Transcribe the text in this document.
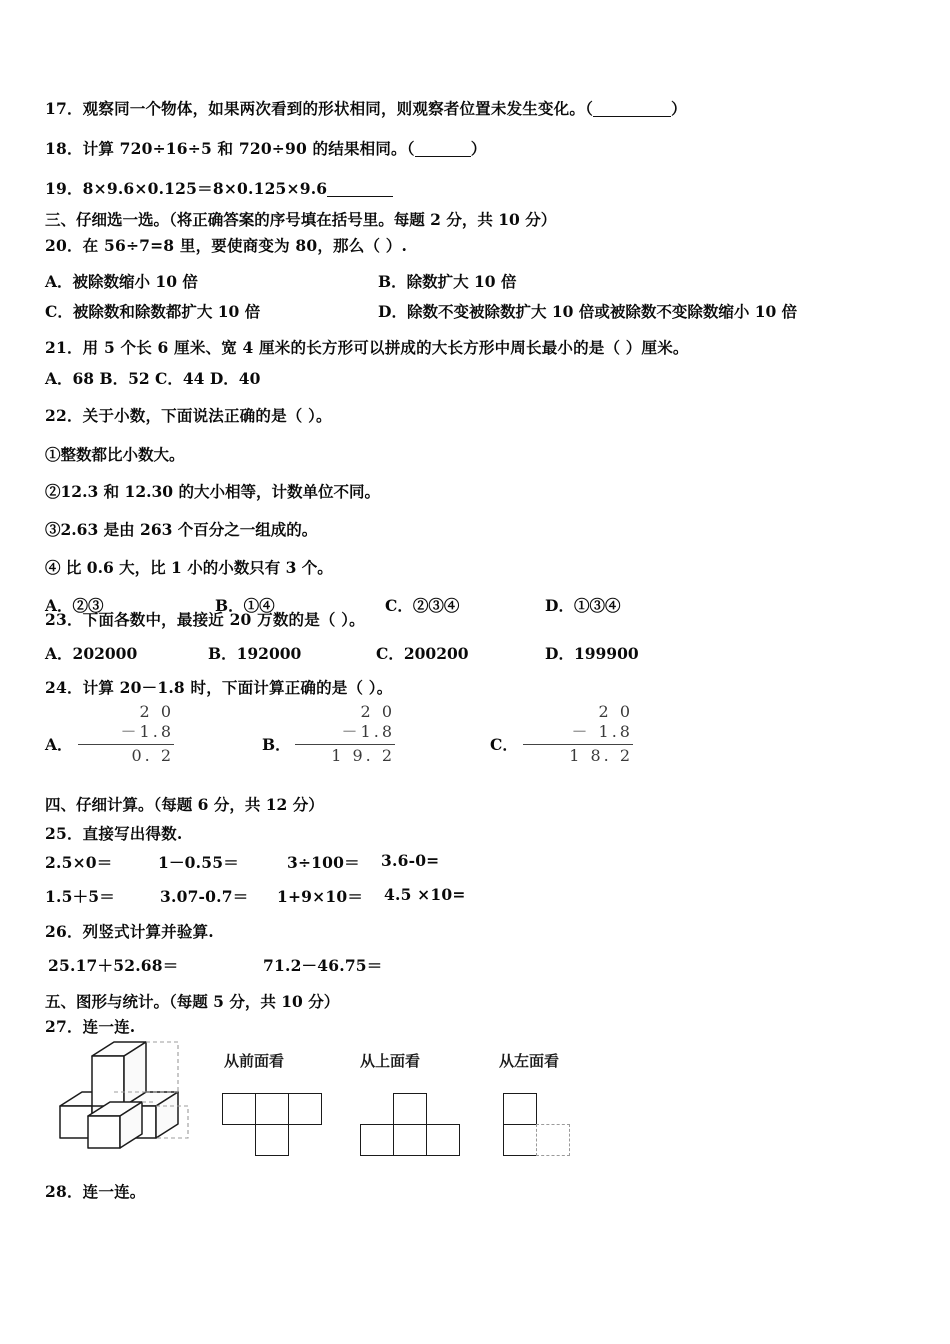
17．观察同一个物体，如果两次看到的形状相同，则观察者位置未发生变化。（	）
18．计算 720÷16÷5 和 720÷90 的结果相同。（	）
19．8×9.6×0.125＝8×0.125×9.6
三、仔细选一选。（将正确答案的序号填在括号里。每题 2 分，共 10 分）
20．在 56÷7=8 里，要使商变为 80，那么（ ）.
A．被除数缩小 10 倍	B．除数扩大 10 倍
C．被除数和除数都扩大 10 倍	D．除数不变被除数扩大 10 倍或被除数不变除数缩小 10 倍
21．用 5 个长 6 厘米、宽 4 厘米的长方形可以拼成的大长方形中周长最小的是（ ）厘米。
A．68 B．52 C．44 D．40
22．关于小数，下面说法正确的是（ ）。
①整数都比小数大。
②12.3 和 12.30 的大小相等，计数单位不同。
③2.63 是由 263 个百分之一组成的。
④ 比 0.6 大，比 1 小的小数只有 3 个。
A．②③	B．①④	C．②③④	D．①③④
23．下面各数中，最接近 20 万数的是（ ）。
A．202000	B．192000	C．200200	D．199900
24．计算 20－1.8 时，下面计算正确的是（ ）。
A．
2 0
－1.8
0. 2
B．
2 0
－1.8
1 9. 2
C．
2 0
－ 1.8
1 8. 2
四、仔细计算。（每题 6 分，共 12 分）
25．直接写出得数.
2.5×0＝	1－0.55＝	3÷100＝ 3.6-0=
1.5＋5＝	3.07-0.7＝ 1+9×10＝ 4.5 ×10=
26．列竖式计算并验算.
25.17＋52.68＝	71.2－46.75＝
五、图形与统计。（每题 5 分，共 10 分）
27．连一连.
从前面看	从上面看	从左面看
28．连一连。
